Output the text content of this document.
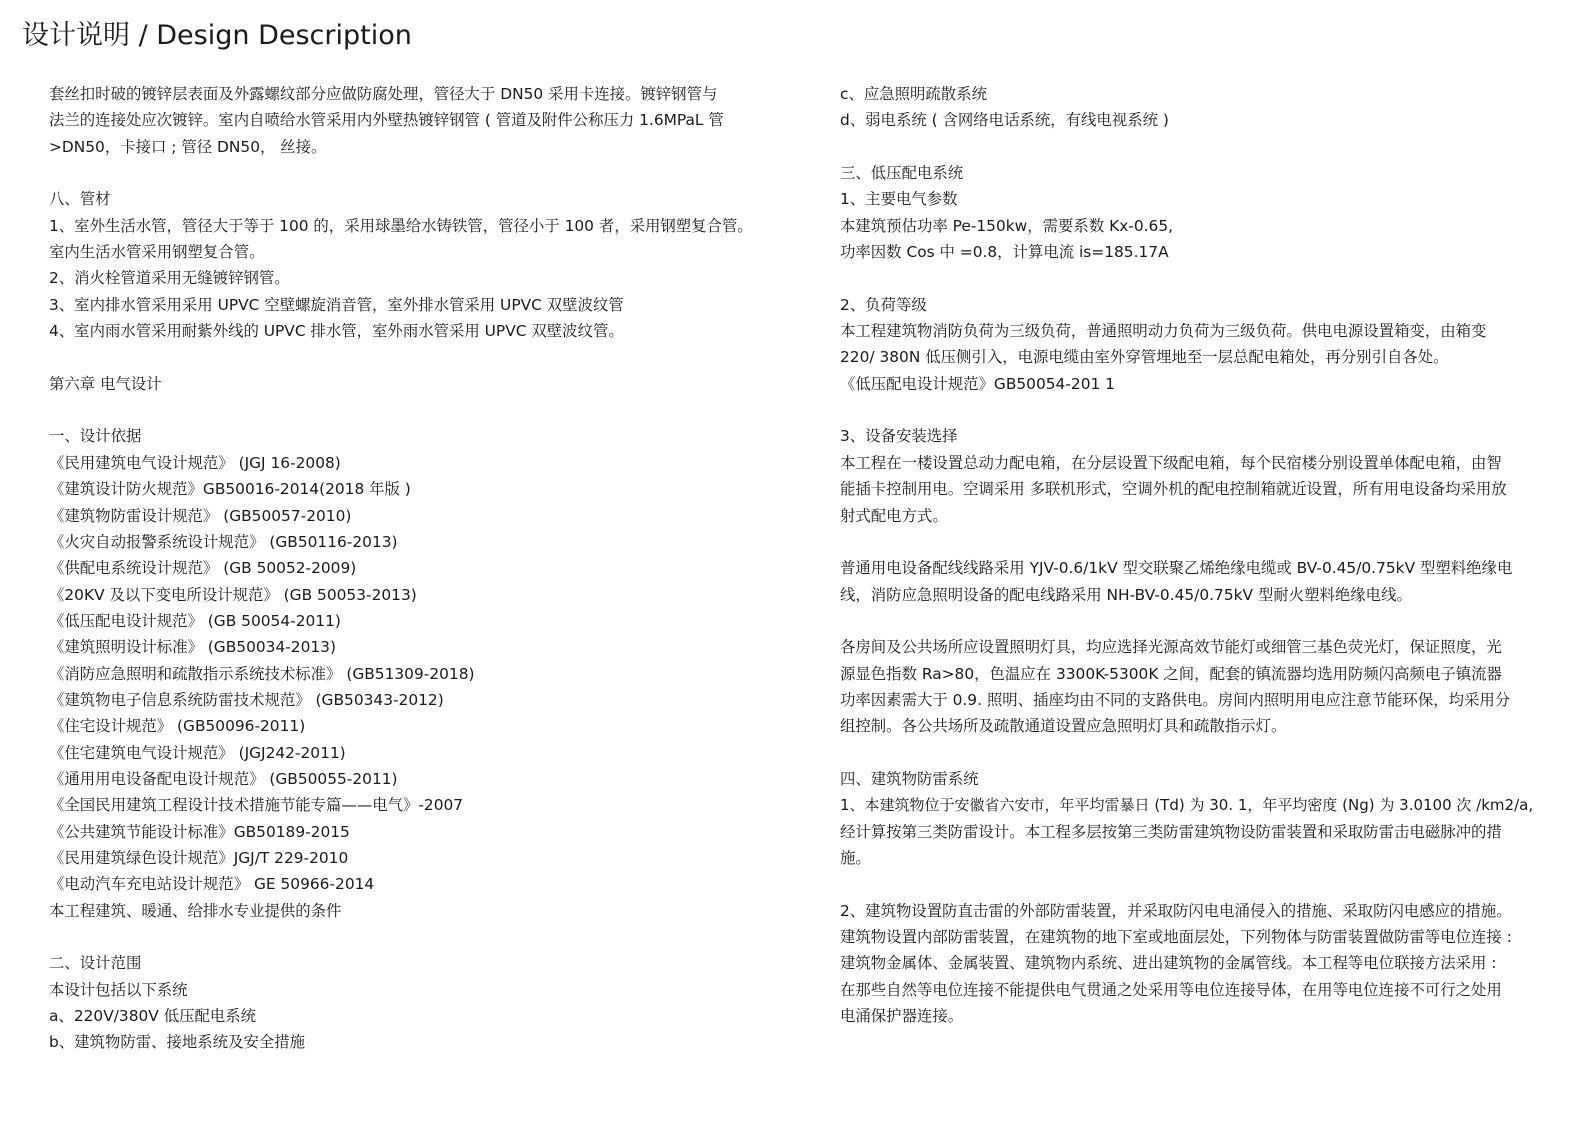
设计说明 / Design Description
套丝扣时破的镀锌层表面及外露螺纹部分应做防腐处理，管径大于 DN50 采用卡连接。镀锌钢管与
法兰的连接处应次镀锌。室内自喷给水管采用内外壁热镀锌钢管 ( 管道及附件公称压力 1.6MPaL 管
>DN50，卡接口 ; 管径 DN50， 丝接。
八、管材
1、室外生活水管，管径大于等于 100 的，采用球墨给水铸铁管，管径小于 100 者，采用钢塑复合管。
室内生活水管采用钢塑复合管。
2、消火栓管道采用无缝镀锌钢管。
3、室内排水管采用采用 UPVC 空壁螺旋消音管，室外排水管采用 UPVC 双壁波纹管
4、室内雨水管采用耐紫外线的 UPVC 排水管，室外雨水管采用 UPVC 双壁波纹管。
第六章 电气设计
一、设计依据
《民用建筑电气设计规范》 (JGJ 16-2008)
《建筑设计防火规范》GB50016-2014(2018 年版 )
《建筑物防雷设计规范》 (GB50057-2010)
《火灾自动报警系统设计规范》 (GB50116-2013)
《供配电系统设计规范》 (GB 50052-2009)
《20KV 及以下变电所设计规范》 (GB 50053-2013)
《低压配电设计规范》 (GB 50054-2011)
《建筑照明设计标准》 (GB50034-2013)
《消防应急照明和疏散指示系统技术标准》 (GB51309-2018)
《建筑物电子信息系统防雷技术规范》 (GB50343-2012)
《住宅设计规范》 (GB50096-2011)
《住宅建筑电气设计规范》 (JGJ242-2011)
《通用用电设备配电设计规范》 (GB50055-2011)
《全国民用建筑工程设计技术措施节能专篇——电气》-2007
《公共建筑节能设计标准》GB50189-2015
《民用建筑绿色设计规范》JGJ/T 229-2010
《电动汽车充电站设计规范》 GE 50966-2014
本工程建筑、暖通、给排水专业提供的条件
二、设计范围
本设计包括以下系统
a、220V/380V 低压配电系统
b、建筑物防雷、接地系统及安全措施
c、应急照明疏散系统
d、弱电系统 ( 含网络电话系统，有线电视系统 )
三、低压配电系统
1、主要电气参数
本建筑预估功率 Pe-150kw，需要系数 Kx-0.65,
功率因数 Cos 中 =0.8，计算电流 is=185.17A
2、负荷等级
本工程建筑物消防负荷为三级负荷，普通照明动力负荷为三级负荷。供电电源设置箱变，由箱变
220/ 380N 低压侧引入，电源电缆由室外穿管埋地至一层总配电箱处，再分别引自各处。
《低压配电设计规范》GB50054-201 1
3、设备安装选择
本工程在一楼设置总动力配电箱，在分层设置下级配电箱，每个民宿楼分别设置单体配电箱，由智
能插卡控制用电。空调采用 多联机形式，空调外机的配电控制箱就近设置，所有用电设备均采用放
射式配电方式。
普通用电设备配线线路采用 YJV-0.6/1kV 型交联聚乙烯绝缘电缆或 BV-0.45/0.75kV 型塑料绝缘电
线，消防应急照明设备的配电线路采用 NH-BV-0.45/0.75kV 型耐火塑料绝缘电线。
各房间及公共场所应设置照明灯具，均应选择光源高效节能灯或细管三基色荧光灯，保证照度，光
源显色指数 Ra>80，色温应在 3300K-5300K 之间，配套的镇流器均选用防频闪高频电子镇流器
功率因素需大于 0.9. 照明、插座均由不同的支路供电。房间内照明用电应注意节能环保，均采用分
组控制。各公共场所及疏散通道设置应急照明灯具和疏散指示灯。
四、建筑物防雷系统
1、本建筑物位于安徽省六安市，年平均雷暴日 (Td) 为 30. 1，年平均密度 (Ng) 为 3.0100 次 /km2/a,
经计算按第三类防雷设计。本工程多层按第三类防雷建筑物设防雷装置和采取防雷击电磁脉冲的措
施。
2、建筑物设置防直击雷的外部防雷装置，并采取防闪电电涌侵入的措施、采取防闪电感应的措施。
建筑物设置内部防雷装置，在建筑物的地下室或地面层处，下列物体与防雷装置做防雷等电位连接 :
建筑物金属体、金属装置、建筑物内系统、进出建筑物的金属管线。本工程等电位联接方法采用 :
在那些自然等电位连接不能提供电气贯通之处采用等电位连接导体，在用等电位连接不可行之处用
电涌保护器连接。
